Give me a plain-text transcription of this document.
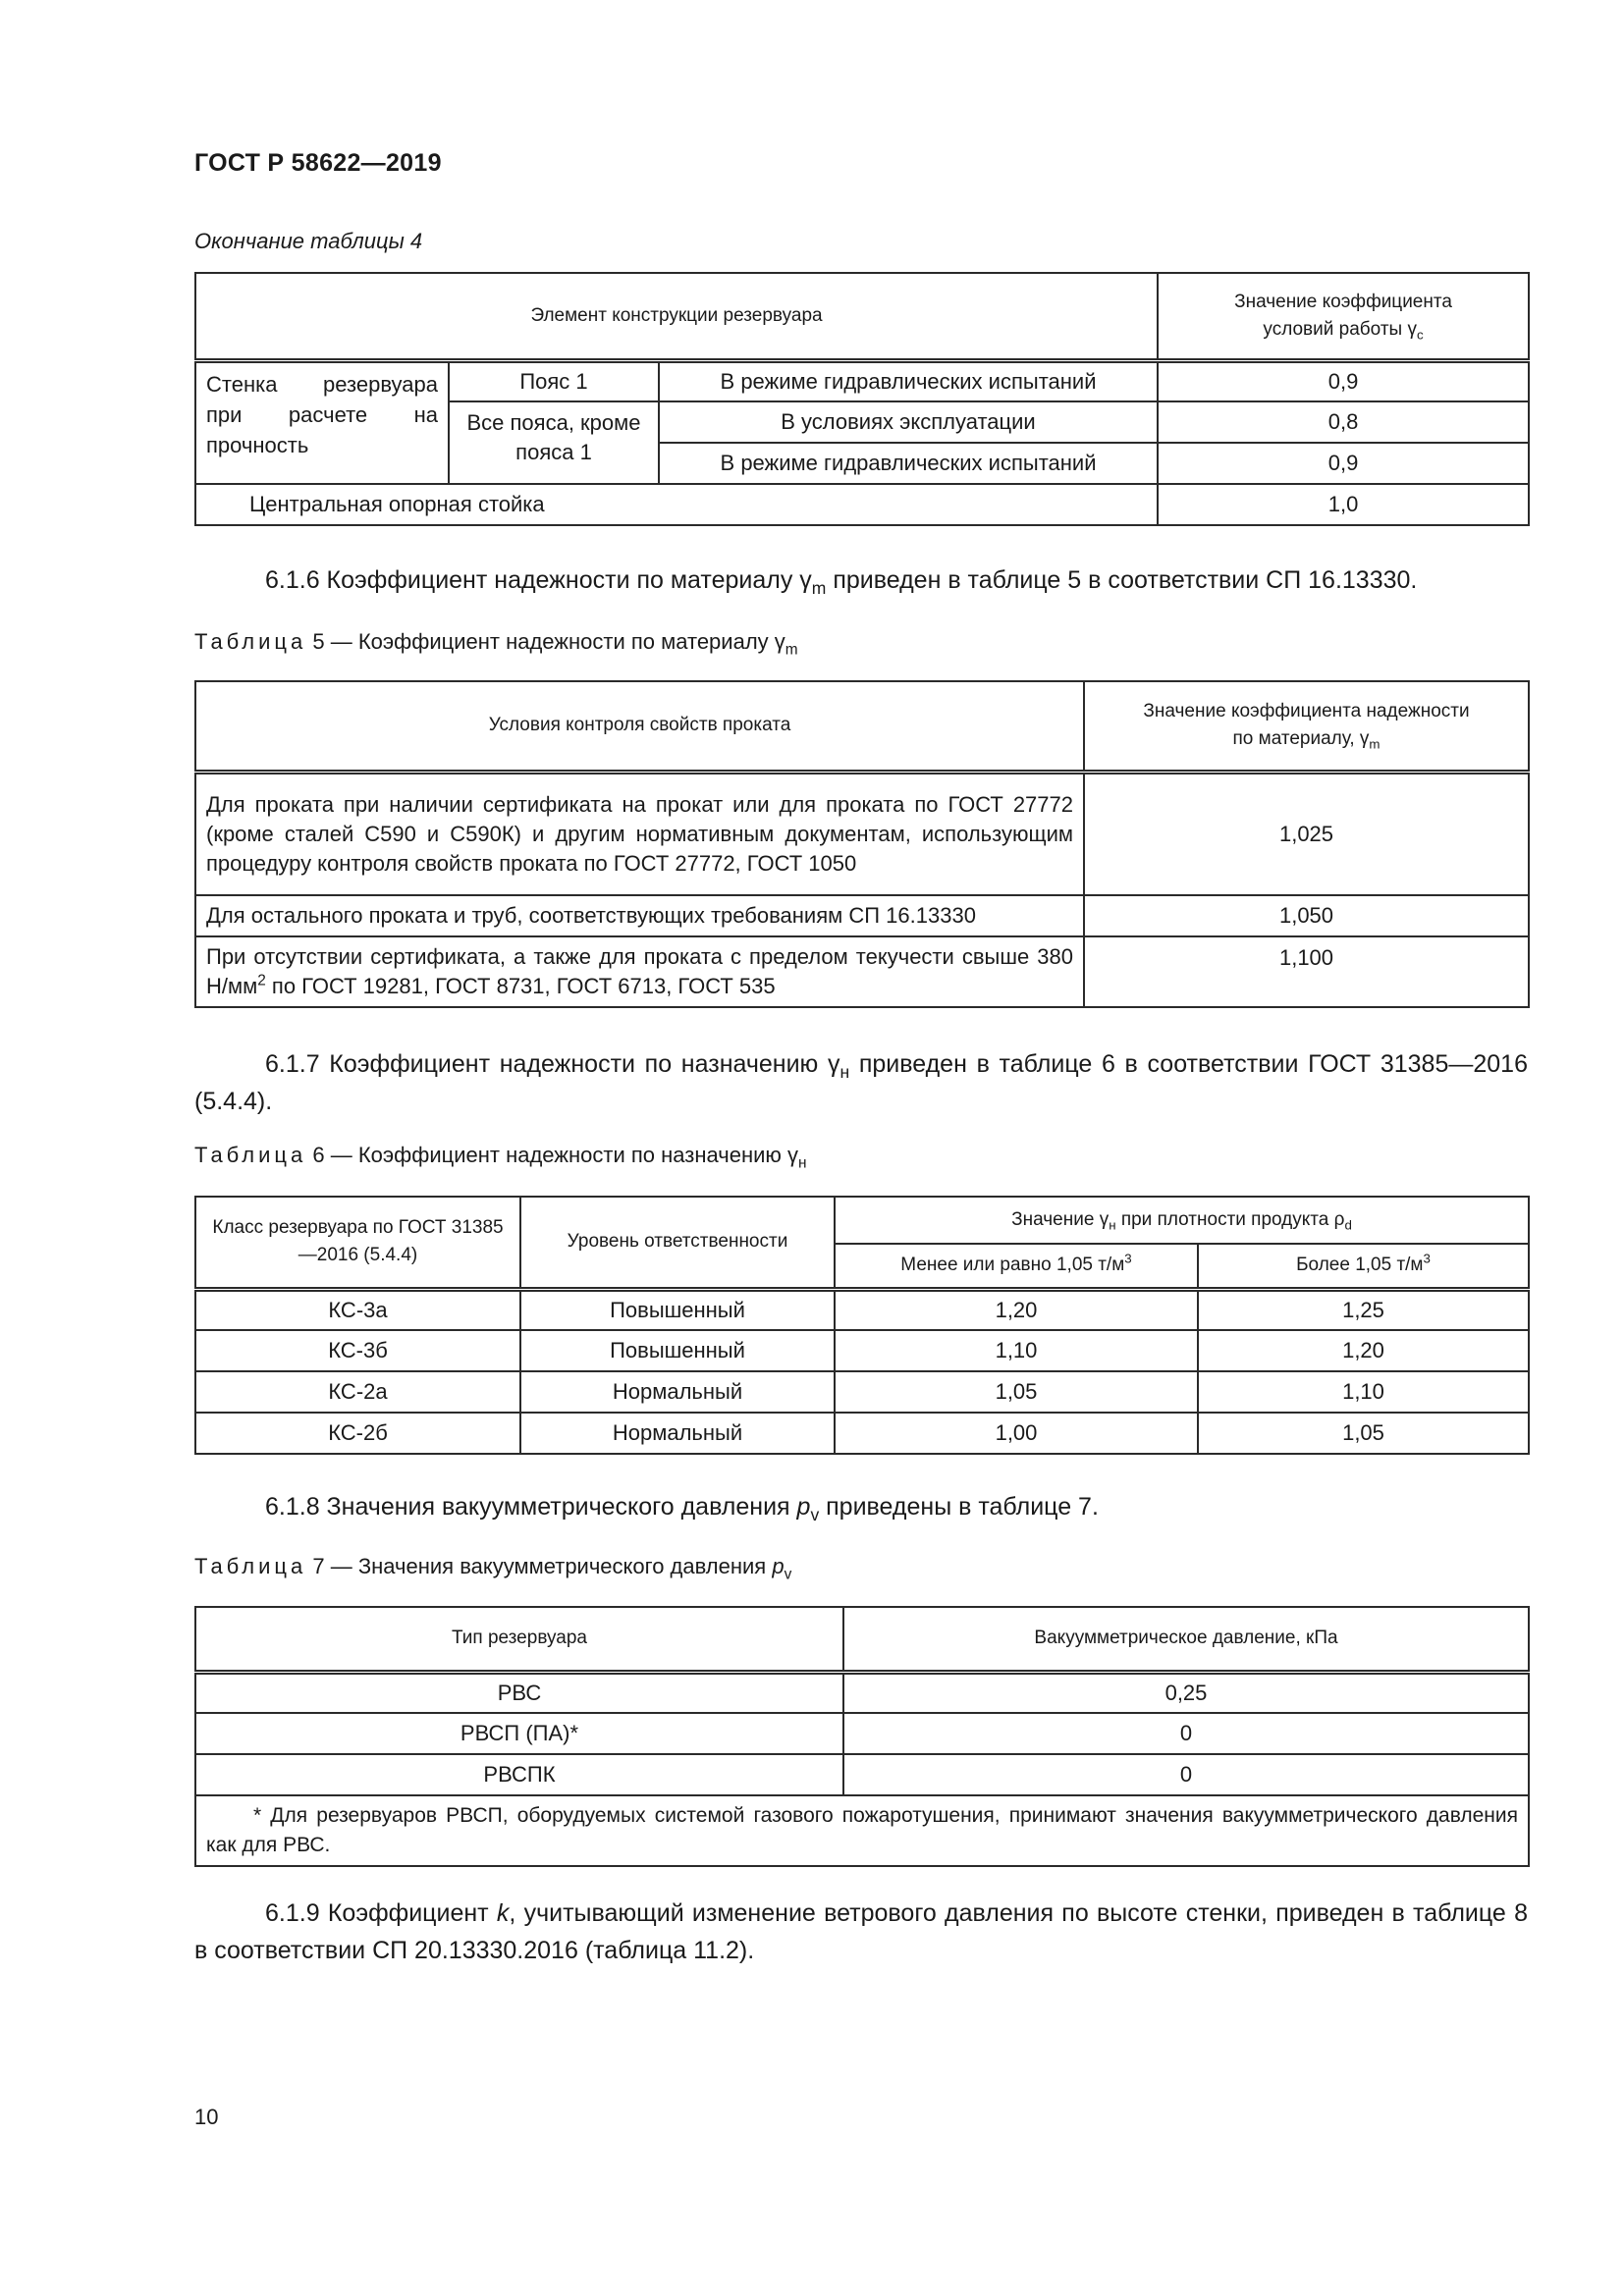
ГОСТ Р 58622—2019
Окончание таблицы 4
Элемент конструкции резервуара			Значение коэффициента
условий работы $\gamma_c$
Стенка резервуара при расчете на прочность	Пояс 1	В режиме гидравлических испытаний	0,9
	Все пояса, кроме пояса 1	В условиях эксплуатации	0,8
		В режиме гидравлических испытаний	0,9
Центральная опорная стойка			1,0
6.1.6 Коэффициент надежности по материалу $\gamma_m$ приведен в таблице 5 в соответствии СП 16.13330.
Таблица 5 — Коэффициент надежности по материалу $\gamma_m$
Условия контроля свойств проката	Значение коэффициента надежности
по материалу, $\gamma_m$
Для проката при наличии сертификата на прокат или для проката по ГОСТ 27772 (кроме сталей С590 и С590К) и другим нормативным документам, использующим процедуру контроля свойств проката по ГОСТ 27772, ГОСТ 1050	1,025
Для остального проката и труб, соответствующих требованиям СП 16.13330	1,050
При отсутствии сертификата, а также для проката с пределом текучести свыше 380 $Н/мм^2$ по ГОСТ 19281, ГОСТ 8731, ГОСТ 6713, ГОСТ 535	1,100
6.1.7 Коэффициент надежности по назначению $\gamma_н$ приведен в таблице 6 в соответствии ГОСТ 31385—2016 (5.4.4).
Таблица 6 — Коэффициент надежности по назначению $\gamma_н$
Класс резервуара по ГОСТ 31385—2016 (5.4.4)	Уровень ответственности	Значение $\gamma_н$ при плотности продукта $\rho_d$
		Менее или равно 1,05 $т/м^3$	Более 1,05 $т/м^3$
КС-3а	Повышенный	1,20	1,25
КС-3б	Повышенный	1,10	1,20
КС-2а	Нормальный	1,05	1,10
КС-2б	Нормальный	1,00	1,05
6.1.8 Значения вакуумметрического давления $p_v$ приведены в таблице 7.
Таблица 7 — Значения вакуумметрического давления $p_v$
Тип резервуара	Вакуумметрическое давление, кПа
РВС	0,25
РВСП (ПА)*	0
РВСПК	0
* Для резервуаров РВСП, оборудуемых системой газового пожаротушения, принимают значения вакуумметрического давления как для РВС.	
6.1.9 Коэффициент k, учитывающий изменение ветрового давления по высоте стенки, приведен в таблице 8 в соответствии СП 20.13330.2016 (таблица 11.2).
10
